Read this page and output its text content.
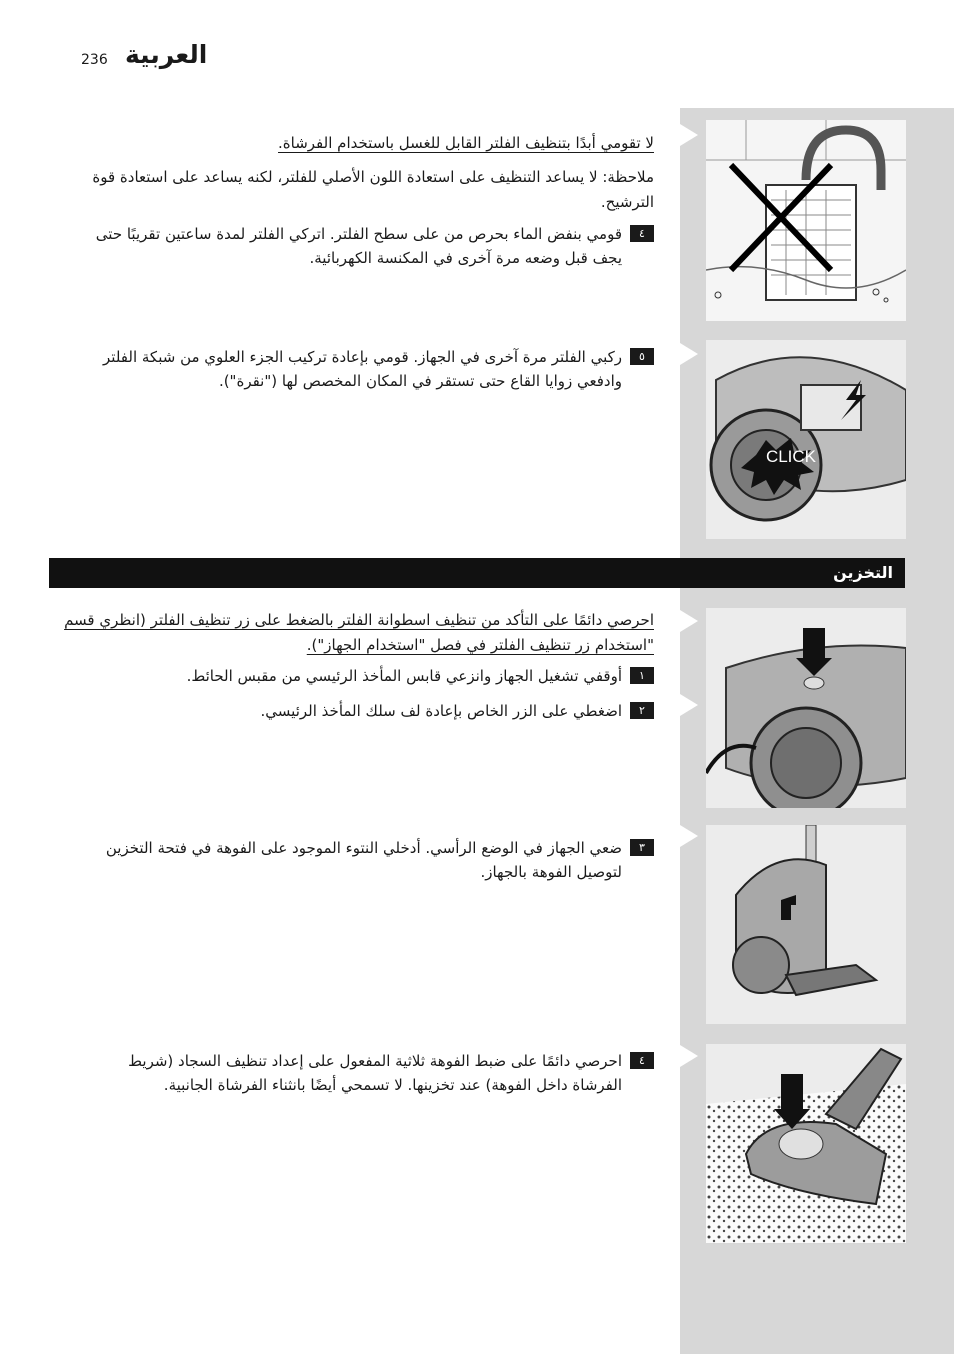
CLICK
236 العربية
لا تقومي أبدًا بتنظيف الفلتر القابل للغسل باستخدام الفرشاة.
ملاحظة: لا يساعد التنظيف على استعادة اللون الأصلي للفلتر، لكنه يساعد على استعادة قوة الترشيح.
٤
قومي بنفض الماء بحرص من على سطح الفلتر. اتركي الفلتر لمدة ساعتين تقريبًا حتى يجف قبل وضعه مرة آخرى في المكنسة الكهربائية.
٥
ركبي الفلتر مرة آخرى في الجهاز. قومي بإعادة تركيب الجزء العلوي من شبكة الفلتر وادفعي زوايا القاع حتى تستقر في المكان المخصص لها ("نقرة").
التخزين
احرصي دائمًا على التأكد من تنظيف اسطوانة الفلتر بالضغط على زر تنظيف الفلتر (انظري قسم "استخدام زر تنظيف الفلتر في فصل "استخدام الجهاز").
١
أوقفي تشغيل الجهاز وانزعي قابس المأخذ الرئيسي من مقبس الحائط.
٢
اضغطي على الزر الخاص بإعادة لف سلك المأخذ الرئيسي.
٣
ضعي الجهاز في الوضع الرأسي. أدخلي النتوء الموجود على الفوهة في فتحة التخزين لتوصيل الفوهة بالجهاز.
٤
احرصي دائمًا على ضبط الفوهة ثلاثية المفعول على إعداد تنظيف السجاد (شريط الفرشاة داخل الفوهة) عند تخزينها. لا تسمحي أيضًا بانثناء الفرشاة الجانبية.
